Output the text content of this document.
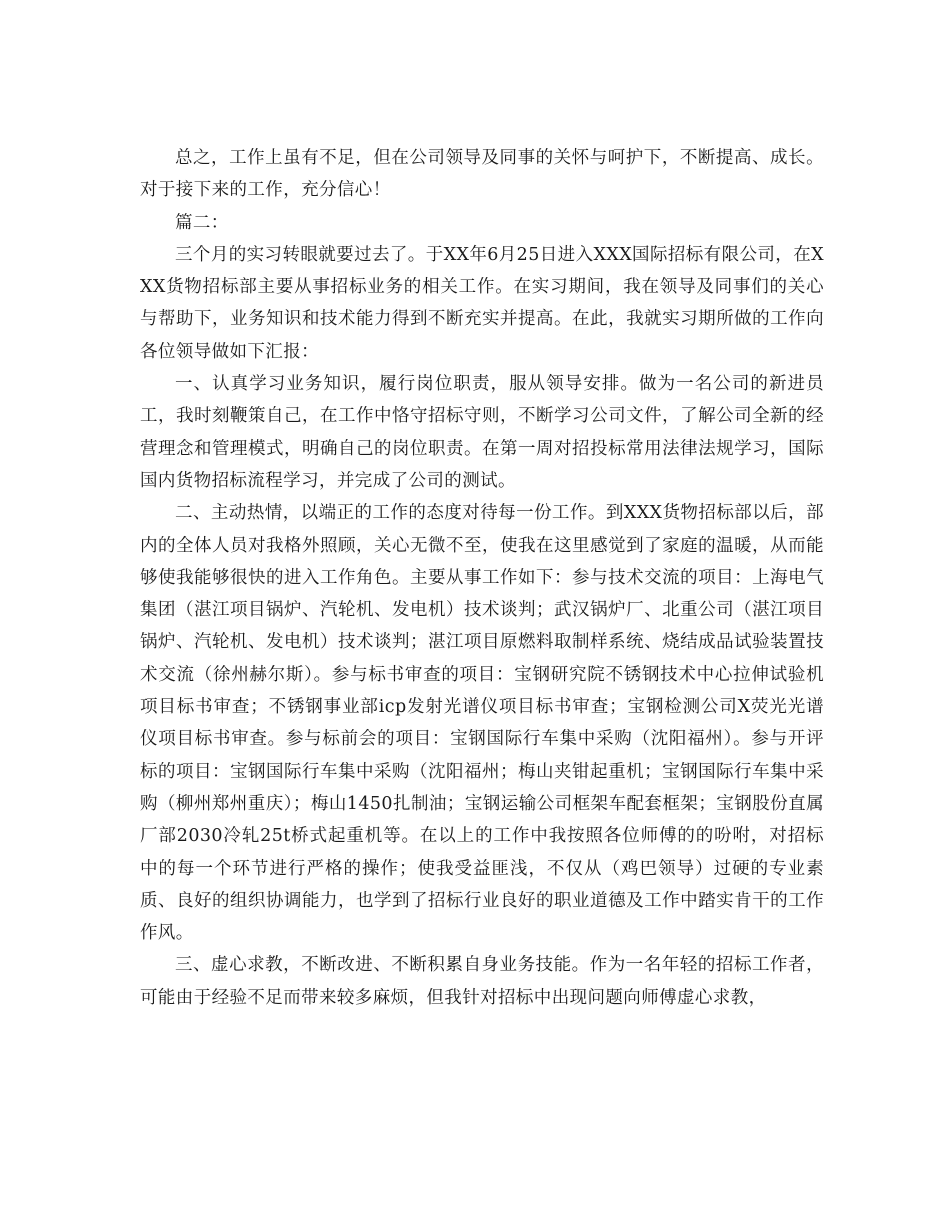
总之，工作上虽有不足，但在公司领导及同事的关怀与呵护下，不断提高、成长。对于接下来的工作，充分信心！

篇二：

三个月的实习转眼就要过去了。于XX年6月25日进入XXX国际招标有限公司，在XXX货物招标部主要从事招标业务的相关工作。在实习期间，我在领导及同事们的关心与帮助下，业务知识和技术能力得到不断充实并提高。在此，我就实习期所做的工作向各位领导做如下汇报：

一、认真学习业务知识，履行岗位职责，服从领导安排。做为一名公司的新进员工，我时刻鞭策自己，在工作中恪守招标守则，不断学习公司文件，了解公司全新的经营理念和管理模式，明确自己的岗位职责。在第一周对招投标常用法律法规学习，国际国内货物招标流程学习，并完成了公司的测试。

二、主动热情，以端正的工作的态度对待每一份工作。到XXX货物招标部以后，部内的全体人员对我格外照顾，关心无微不至，使我在这里感觉到了家庭的温暖，从而能够使我能够很快的进入工作角色。主要从事工作如下：参与技术交流的项目：上海电气集团（湛江项目锅炉、汽轮机、发电机）技术谈判；武汉锅炉厂、北重公司（湛江项目锅炉、汽轮机、发电机）技术谈判；湛江项目原燃料取制样系统、烧结成品试验装置技术交流（徐州赫尔斯）。参与标书审查的项目：宝钢研究院不锈钢技术中心拉伸试验机项目标书审查；不锈钢事业部icp发射光谱仪项目标书审查；宝钢检测公司X荧光光谱仪项目标书审查。参与标前会的项目：宝钢国际行车集中采购（沈阳福州）。参与开评标的项目：宝钢国际行车集中采购（沈阳福州；梅山夹钳起重机；宝钢国际行车集中采购（柳州郑州重庆）；梅山1450扎制油；宝钢运输公司框架车配套框架；宝钢股份直属厂部2030冷轧25t桥式起重机等。在以上的工作中我按照各位师傅的的吩咐，对招标中的每一个环节进行严格的操作；使我受益匪浅，不仅从（鸡巴领导）过硬的专业素质、良好的组织协调能力，也学到了招标行业良好的职业道德及工作中踏实肯干的工作作风。

三、虚心求教，不断改进、不断积累自身业务技能。作为一名年轻的招标工作者，可能由于经验不足而带来较多麻烦，但我针对招标中出现问题向师傅虚心求教，
